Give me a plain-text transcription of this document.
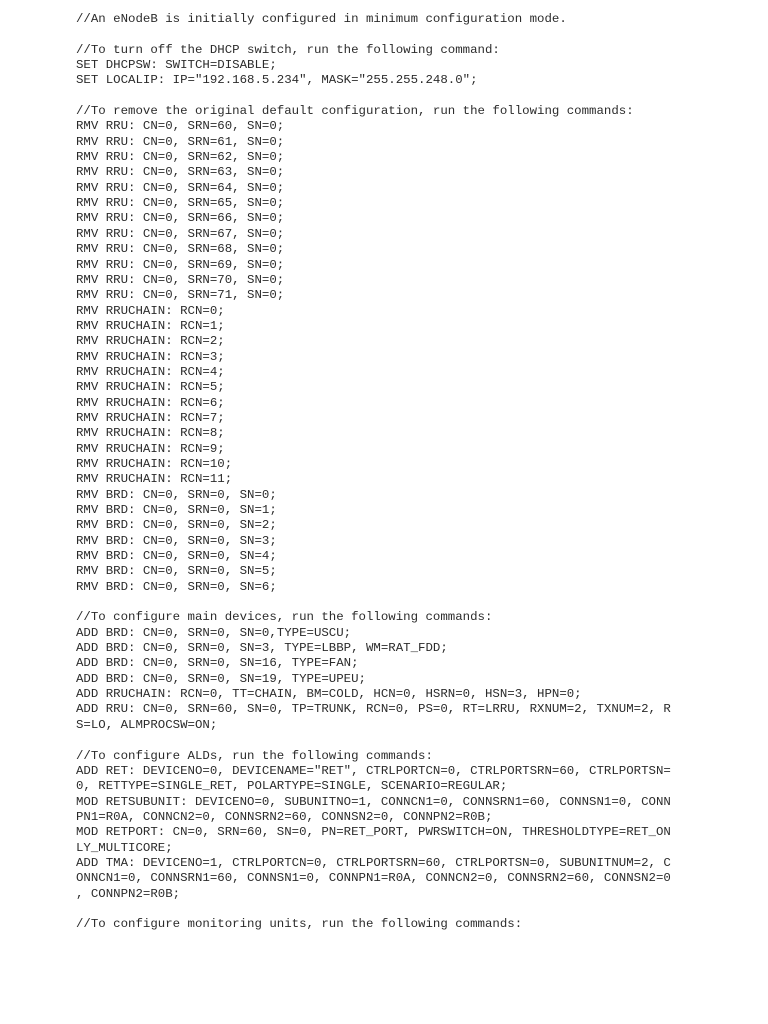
//An eNodeB is initially configured in minimum configuration mode.
//To turn off the DHCP switch, run the following command:
SET DHCPSW: SWITCH=DISABLE;
SET LOCALIP: IP="192.168.5.234", MASK="255.255.248.0";
//To remove the original default configuration, run the following commands:
RMV RRU: CN=0, SRN=60, SN=0;
RMV RRU: CN=0, SRN=61, SN=0;
RMV RRU: CN=0, SRN=62, SN=0;
RMV RRU: CN=0, SRN=63, SN=0;
RMV RRU: CN=0, SRN=64, SN=0;
RMV RRU: CN=0, SRN=65, SN=0;
RMV RRU: CN=0, SRN=66, SN=0;
RMV RRU: CN=0, SRN=67, SN=0;
RMV RRU: CN=0, SRN=68, SN=0;
RMV RRU: CN=0, SRN=69, SN=0;
RMV RRU: CN=0, SRN=70, SN=0;
RMV RRU: CN=0, SRN=71, SN=0;
RMV RRUCHAIN: RCN=0;
RMV RRUCHAIN: RCN=1;
RMV RRUCHAIN: RCN=2;
RMV RRUCHAIN: RCN=3;
RMV RRUCHAIN: RCN=4;
RMV RRUCHAIN: RCN=5;
RMV RRUCHAIN: RCN=6;
RMV RRUCHAIN: RCN=7;
RMV RRUCHAIN: RCN=8;
RMV RRUCHAIN: RCN=9;
RMV RRUCHAIN: RCN=10;
RMV RRUCHAIN: RCN=11;
RMV BRD: CN=0, SRN=0, SN=0;
RMV BRD: CN=0, SRN=0, SN=1;
RMV BRD: CN=0, SRN=0, SN=2;
RMV BRD: CN=0, SRN=0, SN=3;
RMV BRD: CN=0, SRN=0, SN=4;
RMV BRD: CN=0, SRN=0, SN=5;
RMV BRD: CN=0, SRN=0, SN=6;
//To configure main devices, run the following commands:
ADD BRD: CN=0, SRN=0, SN=0,TYPE=USCU;
ADD BRD: CN=0, SRN=0, SN=3, TYPE=LBBP, WM=RAT_FDD;
ADD BRD: CN=0, SRN=0, SN=16, TYPE=FAN;
ADD BRD: CN=0, SRN=0, SN=19, TYPE=UPEU;
ADD RRUCHAIN: RCN=0, TT=CHAIN, BM=COLD, HCN=0, HSRN=0, HSN=3, HPN=0;
ADD RRU: CN=0, SRN=60, SN=0, TP=TRUNK, RCN=0, PS=0, RT=LRRU, RXNUM=2, TXNUM=2, R
S=LO, ALMPROCSW=ON;
//To configure ALDs, run the following commands:
ADD RET: DEVICENO=0, DEVICENAME="RET", CTRLPORTCN=0, CTRLPORTSRN=60, CTRLPORTSN=
0, RETTYPE=SINGLE_RET, POLARTYPE=SINGLE, SCENARIO=REGULAR;
MOD RETSUBUNIT: DEVICENO=0, SUBUNITNO=1, CONNCN1=0, CONNSRN1=60, CONNSN1=0, CONN
PN1=R0A, CONNCN2=0, CONNSRN2=60, CONNSN2=0, CONNPN2=R0B;
MOD RETPORT: CN=0, SRN=60, SN=0, PN=RET_PORT, PWRSWITCH=ON, THRESHOLDTYPE=RET_ON
LY_MULTICORE;
ADD TMA: DEVICENO=1, CTRLPORTCN=0, CTRLPORTSRN=60, CTRLPORTSN=0, SUBUNITNUM=2, C
ONNCN1=0, CONNSRN1=60, CONNSN1=0, CONNPN1=R0A, CONNCN2=0, CONNSRN2=60, CONNSN2=0
, CONNPN2=R0B;
//To configure monitoring units, run the following commands:
